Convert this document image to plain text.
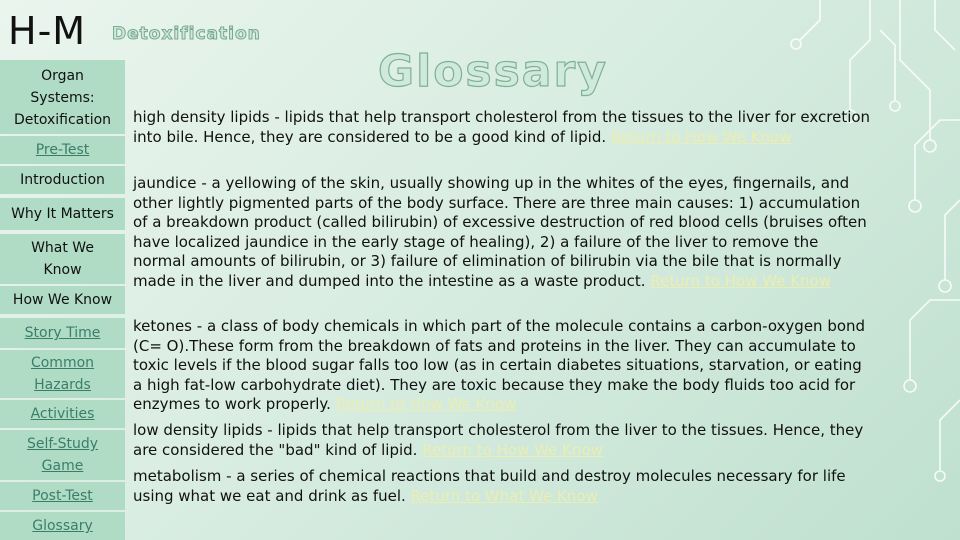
H-M Detoxification
Organ
Systems:
Detoxification
Pre-Test
Introduction
Why It Matters
What We Know
How We Know
Story Time
Common Hazards
Activities
Self-Study Game
Post-Test
Glossary
Glossary
high density lipids - lipids that help transport cholesterol from the tissues to the liver for excretion into bile. Hence, they are considered to be a good kind of lipid. Return to How We Know
jaundice - a yellowing of the skin, usually showing up in the whites of the eyes, fingernails, and other lightly pigmented parts of the body surface. There are three main causes: 1) accumulation of a breakdown product (called bilirubin) of excessive destruction of red blood cells (bruises often have localized jaundice in the early stage of healing), 2) a failure of the liver to remove the normal amounts of bilirubin, or 3) failure of elimination of bilirubin via the bile that is normally made in the liver and dumped into the intestine as a waste product. Return to How We Know
ketones - a class of body chemicals in which part of the molecule contains a carbon-oxygen bond (C= O).These form from the breakdown of fats and proteins in the liver. They can accumulate to toxic levels if the blood sugar falls too low (as in certain diabetes situations, starvation, or eating a high fat-low carbohydrate diet). They are toxic because they make the body fluids too acid for enzymes to work properly. Return to How We Know
low density lipids - lipids that help transport cholesterol from the liver to the tissues. Hence, they are considered the "bad" kind of lipid. Return to How We Know
metabolism - a series of chemical reactions that build and destroy molecules necessary for life using what we eat and drink as fuel. Return to What We Know
